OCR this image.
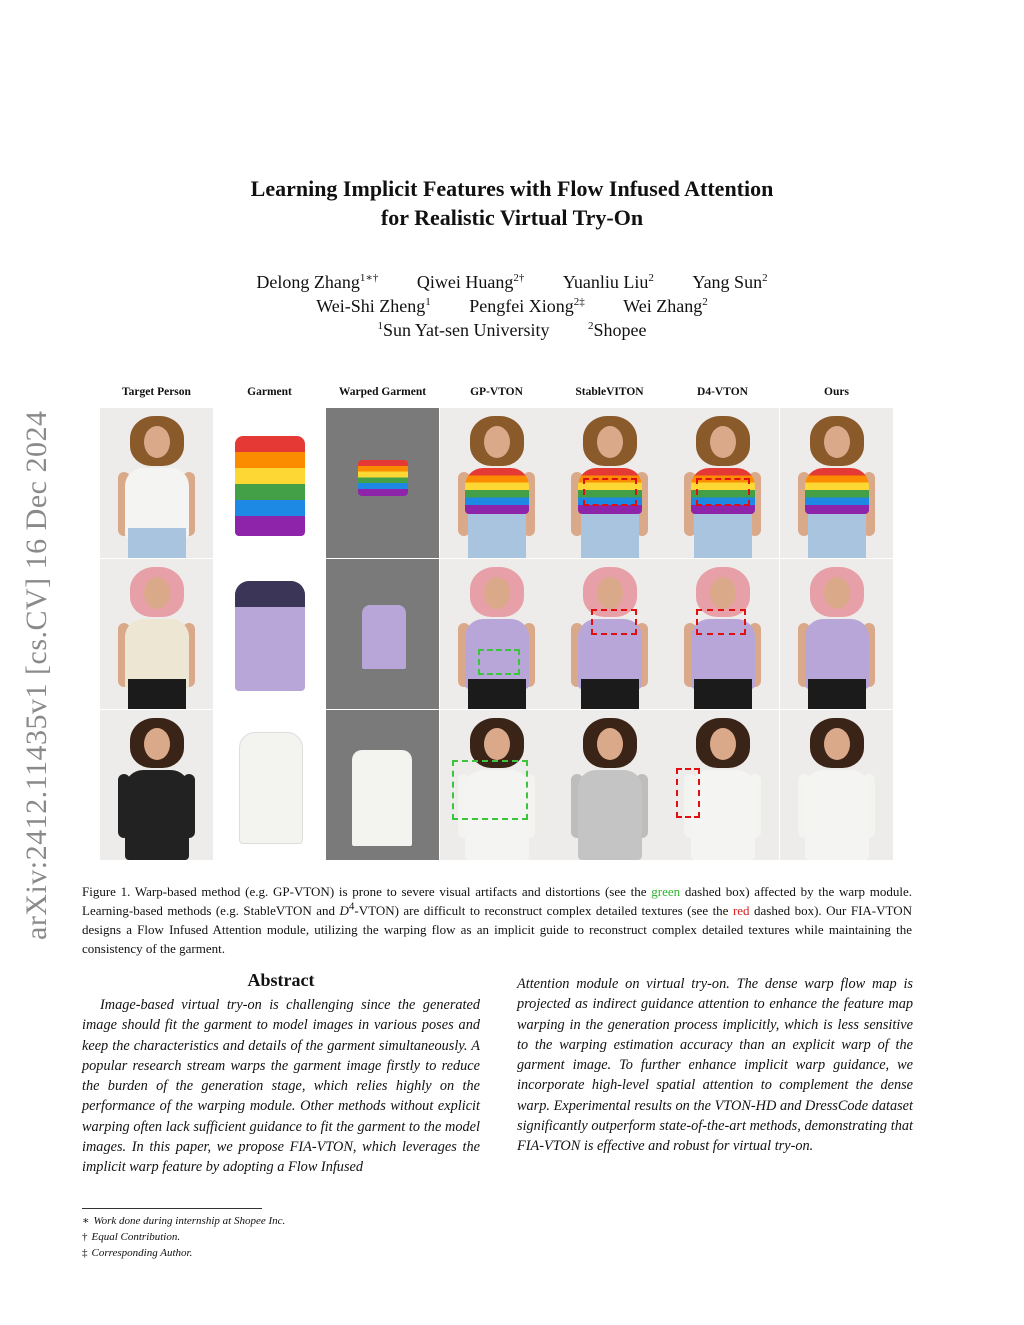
arXiv:2412.11435v1 [cs.CV] 16 Dec 2024
Learning Implicit Features with Flow Infused Attention
for Realistic Virtual Try-On
Delong Zhang$^{1∗\dagger}$ Qiwei Huang$^{2\dagger}$ Yuanliu Liu$^2$ Yang Sun$^2$
Wei-Shi Zheng$^1$ Pengfei Xiong$^{2\ddagger}$ Wei Zhang$^2$
$^1$Sun Yat-sen University	$^2$Shopee
Target Person	Garment	Warped Garment	GP-VTON	StableVITON	D4-VTON	Ours
Figure 1. Warp-based method (e.g. GP-VTON) is prone to severe visual artifacts and distortions (see the green dashed box) affected by the warp module. Learning-based methods (e.g. StableVTON and $D^4-VTON$) are difficult to reconstruct complex detailed textures (see the red dashed box). Our FIA-VTON designs a Flow Infused Attention module, utilizing the warping flow as an implicit guide to reconstruct complex detailed textures while maintaining the consistency of the garment.
Abstract
Image-based virtual try-on is challenging since the generated image should fit the garment to model images in various poses and keep the characteristics and details of the garment simultaneously. A popular research stream warps the garment image firstly to reduce the burden of the generation stage, which relies highly on the performance of the warping module. Other methods without explicit warping often lack sufficient guidance to fit the garment to the model images. In this paper, we propose FIA-VTON, which leverages the implicit warp feature by adopting a Flow Infused
Attention module on virtual try-on. The dense warp flow map is projected as indirect guidance attention to enhance the feature map warping in the generation process implicitly, which is less sensitive to the warping estimation accuracy than an explicit warp of the garment image. To further enhance implicit warp guidance, we incorporate high-level spatial attention to complement the dense warp. Experimental results on the VTON-HD and DressCode dataset significantly outperform state-of-the-art methods, demonstrating that FIA-VTON is effective and robust for virtual try-on.
∗ Work done during internship at Shopee Inc.
† Equal Contribution.
‡ Corresponding Author.
